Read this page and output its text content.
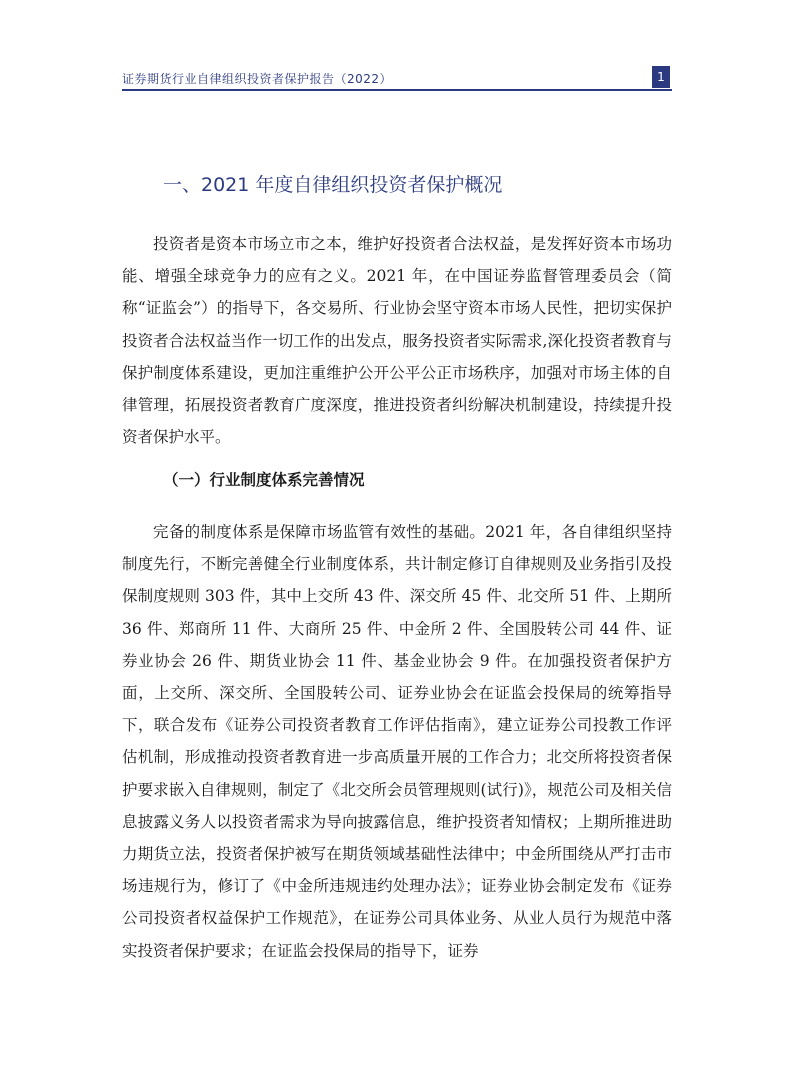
证券期货行业自律组织投资者保护报告（2022）	1
一、2021 年度自律组织投资者保护概况

投资者是资本市场立市之本，维护好投资者合法权益，是发挥好资本市场功能、增强全球竞争力的应有之义。2021 年，在中国证券监督管理委员会（简称“证监会”）的指导下，各交易所、行业协会坚守资本市场人民性，把切实保护投资者合法权益当作一切工作的出发点，服务投资者实际需求,深化投资者教育与保护制度体系建设，更加注重维护公开公平公正市场秩序，加强对市场主体的自律管理，拓展投资者教育广度深度，推进投资者纠纷解决机制建设，持续提升投资者保护水平。

（一）行业制度体系完善情况

完备的制度体系是保障市场监管有效性的基础。2021 年，各自律组织坚持制度先行，不断完善健全行业制度体系，共计制定修订自律规则及业务指引及投保制度规则 303 件，其中上交所 43 件、深交所 45 件、北交所 51 件、上期所 36 件、郑商所 11 件、大商所 25 件、中金所 2 件、全国股转公司 44 件、证券业协会 26 件、期货业协会 11 件、基金业协会 9 件。在加强投资者保护方面，上交所、深交所、全国股转公司、证券业协会在证监会投保局的统筹指导下，联合发布《证券公司投资者教育工作评估指南》，建立证券公司投教工作评估机制，形成推动投资者教育进一步高质量开展的工作合力；北交所将投资者保护要求嵌入自律规则，制定了《北交所会员管理规则(试行)》，规范公司及相关信息披露义务人以投资者需求为导向披露信息，维护投资者知情权；上期所推进助力期货立法，投资者保护被写在期货领域基础性法律中；中金所围绕从严打击市场违规行为，修订了《中金所违规违约处理办法》；证券业协会制定发布《证券公司投资者权益保护工作规范》，在证券公司具体业务、从业人员行为规范中落实投资者保护要求；在证监会投保局的指导下，证券
